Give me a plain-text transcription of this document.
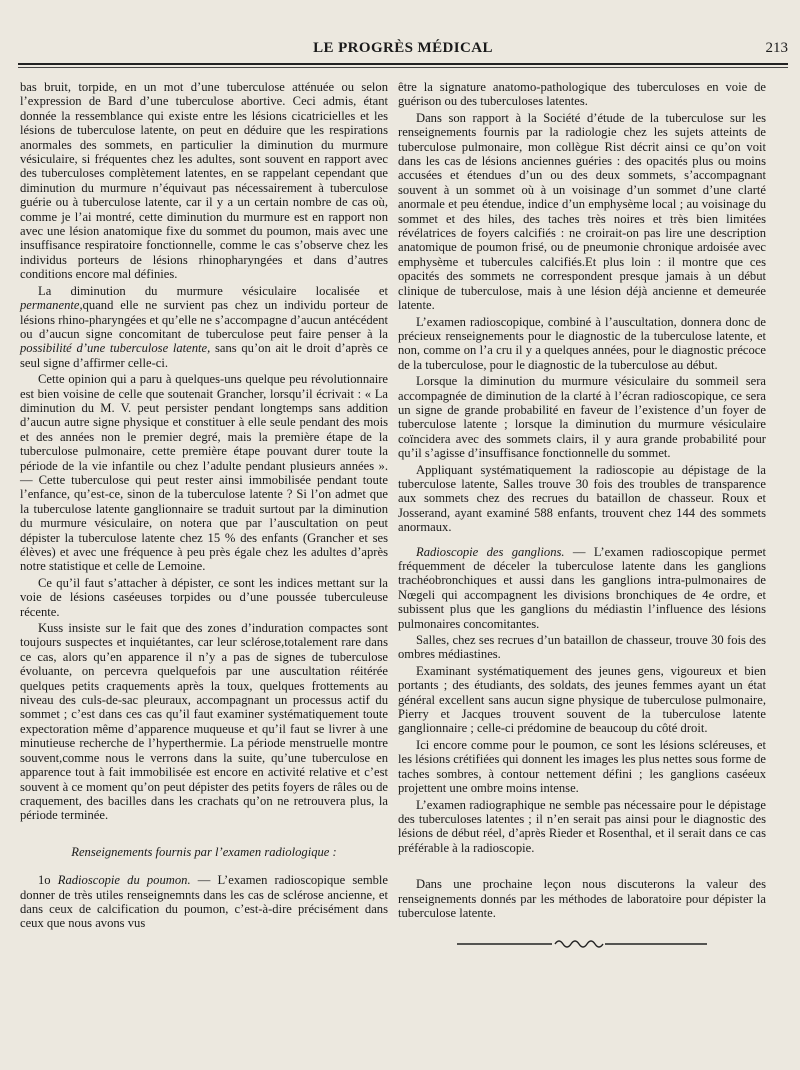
LE PROGRÈS MÉDICAL	213

bas bruit, torpide, en un mot d’une tuberculose atténuée ou selon l’expression de Bard d’une tuberculose abortive. Ceci admis, étant donnée la ressemblance qui existe entre les lésions cicatricielles et les lésions de tuberculose latente, on peut en déduire que les respirations anormales des sommets, en particulier la diminution du murmure vésiculaire, si fréquentes chez les adultes, sont souvent en rapport avec des tuberculoses complètement latentes, en se rappelant cependant que diminution du murmure n’équivaut pas nécessairement à tuberculose guérie ou à tuberculose latente, car il y a un certain nombre de cas où, comme je l’ai montré, cette diminution du murmure est en rapport non avec une lésion anatomique fixe du sommet du poumon, mais avec une insuffisance respiratoire fonctionnelle, comme le cas s’observe chez les individus porteurs de lésions rhinopharyngées et dans d’autres conditions encore mal définies.

La diminution du murmure vésiculaire localisée et permanente,quand elle ne survient pas chez un individu porteur de lésions rhino-pharyngées et qu’elle ne s’accompagne d’aucun antécédent ou d’aucun signe concomitant de tuberculose peut faire penser à la possibilité d’une tuberculose latente, sans qu’on ait le droit d’après ce seul signe d’affirmer celle-ci.

Cette opinion qui a paru à quelques-uns quelque peu révolutionnaire est bien voisine de celle que soutenait Grancher, lorsqu’il écrivait : « La diminution du M. V. peut persister pendant longtemps sans addition d’aucun autre signe physique et constituer à elle seule pendant des mois et des années non le premier degré, mais la première étape de la tuberculose pulmonaire, cette première étape pouvant durer toute la période de la vie infantile ou chez l’adulte pendant plusieurs années ». — Cette tuberculose qui peut rester ainsi immobilisée pendant toute l’enfance, qu’est-ce, sinon de la tuberculose latente ? Si l’on admet que la tuberculose latente ganglionnaire se traduit surtout par la diminution du murmure vésiculaire, on notera que par l’auscultation on peut dépister la tuberculose latente chez 15 % des enfants (Grancher et ses élèves) et avec une fréquence à peu près égale chez les adultes d’après notre statistique et celle de Lemoine.

Ce qu’il faut s’attacher à dépister, ce sont les indices mettant sur la voie de lésions caséeuses torpides ou d’une poussée tuberculeuse récente.

Kuss insiste sur le fait que des zones d’induration compactes sont toujours suspectes et inquiétantes, car leur sclérose,totalement rare dans ce cas, alors qu’en apparence il n’y a pas de signes de tuberculose évoluante, on percevra quelquefois par une auscultation réitérée quelques petits craquements après la toux, quelques frottements au niveau des culs-de-sac pleuraux, accompagnant un processus actif du sommet ; c’est dans ces cas qu’il faut examiner systématiquement toute expectoration même d’apparence muqueuse et qu’il faut se livrer à une minutieuse recherche de l’hyperthermie. La période menstruelle montre souvent,comme nous le verrons dans la suite, qu’une tuberculose en apparence tout à fait immobilisée est encore en activité relative et c’est souvent à ce moment qu’on peut dépister des petits foyers de râles ou de craquement, des bacilles dans les crachats qu’on ne retrouvera plus, la période terminée.

Renseignements fournis par l’examen radiologique :

1o Radioscopie du poumon. — L’examen radioscopique semble donner de très utiles renseignemnts dans les cas de sclérose ancienne, et dans ceux de calcification du poumon, c’est-à-dire précisément dans ceux que nous avons vus

être la signature anatomo-pathologique des tuberculoses en voie de guérison ou des tuberculoses latentes.

Dans son rapport à la Société d’étude de la tuberculose sur les renseignements fournis par la radiologie chez les sujets atteints de tuberculose pulmonaire, mon collègue Rist décrit ainsi ce qu’on voit dans les cas de lésions anciennes guéries : des opacités plus ou moins accusées et étendues d’un ou des deux sommets, s’accompagnant souvent à un sommet où à un voisinage d’un sommet d’une clarté anormale et peu étendue, indice d’un emphysème local ; au voisinage du sommet et des hiles, des taches très noires et très bien limitées révélatrices de foyers calcifiés : ne croirait-on pas lire une description anatomique de poumon frisé, ou de pneumonie chronique ardoisée avec emphysème et tubercules calcifiés.Et plus loin : il montre que ces opacités des sommets ne correspondent presque jamais à un début clinique de tuberculose, mais à une lésion déjà ancienne et demeurée latente.

L’examen radioscopique, combiné à l’auscultation, donnera donc de précieux renseignements pour le diagnostic de la tuberculose latente, et non, comme on l’a cru il y a quelques années, pour le diagnostic précoce de la tuberculose, pour le diagnostic de la tuberculose au début.

Lorsque la diminution du murmure vésiculaire du sommeil sera accompagnée de diminution de la clarté à l’écran radioscopique, ce sera un signe de grande probabilité en faveur de l’existence d’un foyer de tuberculose latente ; lorsque la diminution du murmure vésiculaire coïncidera avec des sommets clairs, il y aura grande probabilité pour qu’il s’agisse d’insuffisance fonctionnelle du sommet.

Appliquant systématiquement la radioscopie au dépistage de la tuberculose latente, Salles trouve 30 fois des troubles de transparence aux sommets chez des recrues du bataillon de chasseur. Roux et Josserand, ayant examiné 588 enfants, trouvent chez 144 des sommets anormaux.

Radioscopie des ganglions. — L’examen radioscopique permet fréquemment de déceler la tuberculose latente dans les ganglions trachéobronchiques et aussi dans les ganglions intra-pulmonaires de Nœgeli qui accompagnent les divisions bronchiques de 4e ordre, et subissent plus que les ganglions du médiastin l’influence des lésions pulmonaires concomitantes.

Salles, chez ses recrues d’un bataillon de chasseur, trouve 30 fois des ombres médiastines.

Examinant systématiquement des jeunes gens, vigoureux et bien portants ; des étudiants, des soldats, des jeunes femmes ayant un état général excellent sans aucun signe physique de tuberculose pulmonaire, Pierry et Jacques trouvent souvent de la tuberculose latente ganglionnaire ; celle-ci prédomine de beaucoup du côté droit.

Ici encore comme pour le poumon, ce sont les lésions scléreuses, et les lésions crétifiées qui donnent les images les plus nettes sous forme de taches sombres, à contour nettement défini ; les ganglions caséeux projettent une ombre moins intense.

L’examen radiographique ne semble pas nécessaire pour le dépistage des tuberculoses latentes ; il n’en serait pas ainsi pour le diagnostic des lésions de début réel, d’après Rieder et Rosenthal, et il serait dans ce cas préférable à la radioscopie.

Dans une prochaine leçon nous discuterons la valeur des renseignements donnés par les méthodes de laboratoire pour dépister la tuberculose latente.
